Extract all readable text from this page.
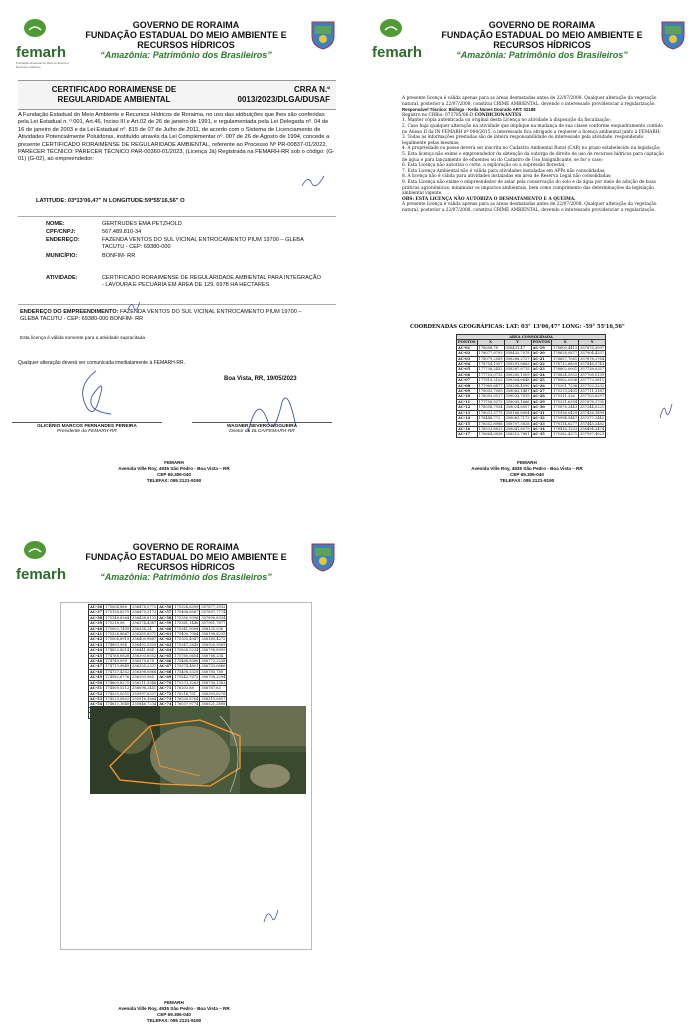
femarh
Fundação Estadual do Meio Ambiente e Recursos Hídricos
GOVERNO DE RORAIMA
FUNDAÇÃO ESTADUAL DO MEIO AMBIENTE E
RECURSOS HÍDRICOS
“Amazônia: Patrimônio dos Brasileiros”
CERTIFICADO RORAIMENSE DE
REGULARIDADE AMBIENTAL
CRRA N.º
0013/2023/DLGA/DUSAF
A Fundação Estadual do Meio Ambiente e Recursos Hídricos de Roraima, no uso das atribuições que lhes são conferidas pela Lei Estadual n. º 001, Art.46, Inciso III e Art.02 de 26 de janeiro de 1991, e regulamentada pela Lei Delegada nº. 04 de 16 de janeiro de 2003 e da Lei Estadual nº. 815 de 07 de Julho de 2011, de acordo com o Sistema de Licenciamento de Atividades Potencialmente Poluidoras, instituído através da Lei Complementar nº. 007 de 26 de Agosto de 1994, concede a presente CERTIFICADO RORAIMENSE DE REGULARIDADE AMBIENTAL, referente ao Processo Nº PR-00837-01/2022. PARECER TÉCNICO: PARECER TÉCNICO PAR-00360-01/2023, (Licença Já) Registrada na FEMARH-RR sob o código: (G-01) (G-02), ao empreendedor:
LATITUDE: 03º13'06,47" N LONGITUDE:59º55'16,56" O
NOME:	GERTRUDES EMA PETZHOLD
CPF/CNPJ:	567.489.810-34
ENDEREÇO:	FAZENDA VENTOS DO SUL VICINAL ENTROCAMENTO PIUM 19700 – GLEBA TACUTU - CEP: 69380-000
MUNICÍPIO:	BONFIM- RR
ATIVIDADE:	CERTIFICADO RORAIMENSE DE REGULARIDADE AMBIENTAL PARA INTEGRAÇÃO - LAVOURA E PECUÁRIA EM ÁREA DE 129, 6978 HA HECTARES
ENDEREÇO DO EMPREENDIMENTO: FAZENDA VENTOS DO SUL VICINAL ENTROCAMENTO PIUM 19700 – GLEBA TACUTU - CEP: 69380-000 BONFIM- RR
Esta licença é válida somente para a atividade supracitada
Qualquer alteração deverá ser comunicada imediatamente à FEMARH-RR.
Boa Vista, RR, 19/05/2023
GLICÉRIO MARCOS FERNANDES PEREIRA
Presidente da FEMARH-RR
WAGNER SEVERO NOGUEIRA
Diretor da DLGA/FEMARH-RR
FEMARH
Avenida Ville Roy, 4935 São Pedro - Boa Vista – RR
CEP 69.306-040
TELEFAX: 095 2121-9190
femarh
GOVERNO DE RORAIMA
FUNDAÇÃO ESTADUAL DO MEIO AMBIENTE E
RECURSOS HÍDRICOS
“Amazônia: Patrimônio dos Brasileiros”
A presente licença é válida apenas para as áreas desmatadas antes de 22/07/2008. Qualquer alteração da vegetação natural, posterior a 22/07/2008, constitui CRIME AMBIENTAL, devendo o interessado providenciar a regularização.
Responsável Técnico: Bióloga - Keila Nunes Dourado ART: 02188
Registro no CRBio: 073785/06-D CONDICIONANTES
1. Manter cópia autenticada ou original desta Licença no atividade à disposição da fiscalização;
2. Caso haja qualquer alteração na atividade que implique na mudança de sua classe conforme enquadramento contido no Anexo II da IN FEMARH nº 004/2015, o interessado fica obrigado a requerer a licença ambiental junto à FEMARH;
3. Todas as informações prestadas são de inteira responsabilidade do interessado pela atividade, respondendo legalmente pelas mesmas;
4. A propriedade ou posse deverá ser inscrita no Cadastro Ambiental Rural (CAR) no prazo estabelecido na legislação;
5. Esta licença não exime o empreendedor da obtenção da outorga de direito de uso de recursos hídricos para captação de água e para lançamento de efluentes ou do Cadastro de Uso Insignificante, se for o caso;
6. Esta Licença não autoriza o corte, a exploração ou a supressão florestal;
7. Esta Licença Ambiental não é válida para atividades instaladas em APPs não consolidadas;
8. A licença não é válida para atividades instaladas em área de Reserva Legal não consolidadas;
9. Esta Licença não exime o empreendedor de zelar pela conservação do solo e da água por meio de adoção de boas práticas agronômicas, minimizar os impactos ambientais, bem como cumprimento das determinações da legislação ambiental vigente.
OBS: ESTA LICENÇA NÃO AUTORIZA O DESMATAMENTO E A QUEIMA.
A presente licença é válida apenas para as áreas desmatadas antes de 22/07/2008. Qualquer alteração da vegetação natural, posterior a 22/07/2008, constitui CRIME AMBIENTAL, devendo o interessado providenciar a regularização.
COORDENADAS GEOGRÁFICAS: LAT: 03° 13'06,47" LONG: -59° 55'16,56"
ÁREA CONSOLIDADA					
PONTOS	X	Y	PONTOS	X	Y
AC-01	178098,78	358431,47	AC-19	178609,4413	357875,3097
AC-02	178077,8793	358435,7078	AC-20	178628,0877	357904,4337
AC-03	178079,2589	358288,2727	AC-21	178657,7081	357876,2764
AC-04	178754,1007	358291,8683	AC-22	178712,6809	357846,5743
AC-05	177738,2452	358287,8715	AC-23	178802,0001	357738,0357
AC-06	177753,0732	358289,1009	AC-24	178824,5932	357708,0139
AC-07	177818,2102	358304,6648	AC-25	178902,0936	357772,3811
AC-08	177969,6477	358298,4090	AC-26	175201,7236	357702,3232
AC-09	178005,7005	358083,1487	AC-27	175273,2401	357711,3187
AC-10	178093,9527	358033,7815	AC-28	175311,326	357703,6297
AC-11	177758,5373	358005,1666	AC-29	175331,6394	357676,2735
AC-12	178058,7934	358024,8057	AC-30	175878,2443	357244,0221
AC-13	178031,3775	358166,8004	AC-31	175936,0429	357426,1899
AC-14	178448,772	358083,7173	AC-32	175994,5447	357577,2442
AC-15	178552,8988	358707,5828	AC-33	178114,6277	357445,2482
AC-16	178533,8825	358041,8079	AC-34	178416,1203	358494,3474
AC-17	178664,0838	358513,7881	AC-35	175382,4371	357997,4023
FEMARH
Avenida Ville Roy, 4935 São Pedro - Boa Vista – RR
CEP 69.306-040
TELEFAX: 095 2121-9190
femarh
GOVERNO DE RORAIMA
FUNDAÇÃO ESTADUAL DO MEIO AMBIENTE E
RECURSOS HÍDRICOS
“Amazônia: Patrimônio dos Brasileiros”
AC-36	175004,888	356478,5772	AC-56	175328,6399	357877,3932
AC-37	175138,8375	356475,3173	AC-57	175408,8567	357897,7774
AC-38	175148,8364	356438,8133	AC-58	175350,9396	357890,8334
AC-39	175218,08	356374,4387	AC-59	175361,1446	357901,7677
AC-40	175003,7499	356358,24	AC-60	175341,9098	358135,536
AC-41	175528,8667	356385,8571	AC-61	175409,7084	356198,8235
AC-42	175006,8919	356400,9687	AC-62	175305,4047	356185,4272
AC-43	174893,994	356493,5509	AC-63	175347,2849	356920,9569
AC-44	174820,8014	356441,884	AC-64	175828,5234	356798,8995
AC-45	174788,0828	356393,8552	AC-65	175780,0654	356788,234
AC-46	174749,099	356379,678	AC-66	175468,8586	356772,2238
AC-47	174713,9849	356355,2337	AC-67	175574,4801	356733,0866
AC-48	174737,4352	356398,0868	AC-68	175408,5328	356785,789
AC-49	174582,6776	356293,965	AC-69	175542,7675	356708,2294
AC-50	174609,8275	356211,5546	AC-70	175273,3283	356730,1383
AC-51	174569,5212	356096,2451	AC-71	176203,88	356787,63
AC-52	174533,0051	355997,8337	AC-72	176216,701	356393,8276
AC-53	174529,0802	355916,3664	AC-73	176530,8764	356519,0857
AC-54	174613,1648	355846,7234	AC-74	176037,9774	356521,2808

FEMARH
Avenida Ville Roy, 4935 São Pedro - Boa Vista – RR
CEP 69.306-040
TELEFAX: 095 2121-9190
